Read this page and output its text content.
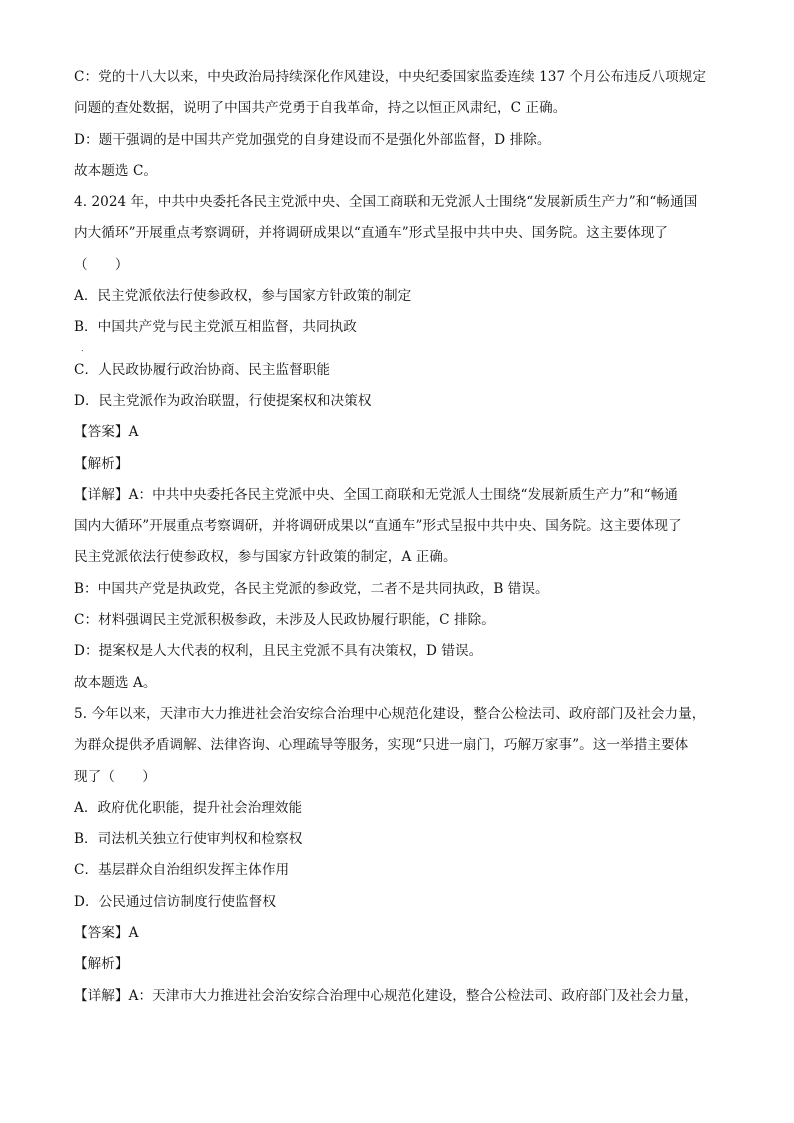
C：党的十八大以来，中央政治局持续深化作风建设，中央纪委国家监委连续 137 个月公布违反八项规定
问题的查处数据，说明了中国共产党勇于自我革命，持之以恒正风肃纪，C 正确。
D：题干强调的是中国共产党加强党的自身建设而不是强化外部监督，D 排除。
故本题选 C。
4. 2024 年，中共中央委托各民主党派中央、全国工商联和无党派人士围绕“发展新质生产力”和“畅通国
内大循环”开展重点考察调研，并将调研成果以“直通车”形式呈报中共中央、国务院。这主要体现了
（　　）
A．民主党派依法行使参政权，参与国家方针政策的制定
B．中国共产党与民主党派互相监督，共同执政
．
C．人民政协履行政治协商、民主监督职能
D．民主党派作为政治联盟，行使提案权和决策权
【答案】A
【解析】
【详解】A：中共中央委托各民主党派中央、全国工商联和无党派人士围绕“发展新质生产力”和“畅通
国内大循环”开展重点考察调研，并将调研成果以“直通车”形式呈报中共中央、国务院。这主要体现了
民主党派依法行使参政权，参与国家方针政策的制定，A 正确。
B：中国共产党是执政党，各民主党派的参政党，二者不是共同执政，B 错误。
C：材料强调民主党派积极参政，未涉及人民政协履行职能，C 排除。
D：提案权是人大代表的权利，且民主党派不具有决策权，D 错误。
故本题选 A。
5. 今年以来，天津市大力推进社会治安综合治理中心规范化建设，整合公检法司、政府部门及社会力量，
为群众提供矛盾调解、法律咨询、心理疏导等服务，实现“只进一扇门，巧解万家事”。这一举措主要体
现了（　　）
A．政府优化职能，提升社会治理效能
B．司法机关独立行使审判权和检察权
C．基层群众自治组织发挥主体作用
D．公民通过信访制度行使监督权
【答案】A
【解析】
【详解】A：天津市大力推进社会治安综合治理中心规范化建设，整合公检法司、政府部门及社会力量，
